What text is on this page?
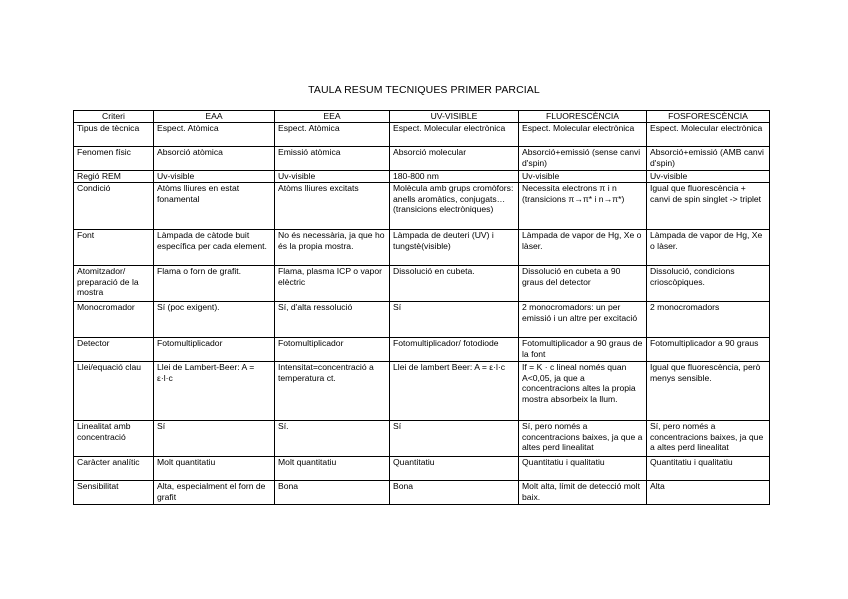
TAULA RESUM TECNIQUES PRIMER PARCIAL
Criteri	EAA	EEA	UV-VISIBLE	FLUORESCÈNCIA	FOSFORESCÈNCIA
Tipus de tècnica	Espect. Atòmica	Espect. Atòmica	Espect. Molecular electrònica	Espect. Molecular electrònica	Espect. Molecular electrònica
Fenomen físic	Absorció atòmica	Emissió atòmica	Absorció molecular	Absorció+emissió (sense canvi d'spin)	Absorció+emissió (AMB canvi d'spin)
Regió REM	Uv-visible	Uv-visible	180-800 nm	Uv-visible	Uv-visible
Condició	Atòms lliures en estat fonamental	Atòms lliures excitats	Molècula amb grups cromòfors: anells aromàtics, conjugats… (transicions electròniques)	Necessita electrons π i n (transicions π→π* i n→π*)	Igual que fluorescència + canvi de spin singlet -> triplet
Font	Làmpada de càtode buit específica per cada element.	No és necessària, ja que ho és la propia mostra.	Làmpada de deuteri (UV) i tungstè(visible)	Làmpada de vapor de Hg, Xe o làser.	Làmpada de vapor de Hg, Xe o làser.
Atomitzador/ preparació de la mostra	Flama o forn de grafit.	Flama, plasma ICP o vapor elèctric	Dissolució en cubeta.	Dissolució en cubeta a 90 graus del detector	Dissolució, condicions crioscòpiques.
Monocromador	Sí (poc exigent).	Sí, d'alta ressolució	Sí	2 monocromadors: un per emissió i un altre per excitació	2 monocromadors
Detector	Fotomultiplicador	Fotomultiplicador	Fotomultiplicador/ fotodiode	Fotomultiplicador a 90 graus de la font	Fotomultiplicador a 90 graus
Llei/equació clau	Llei de Lambert-Beer: A = ε·l·c	Intensitat=concentració a temperatura ct.	Llei de lambert Beer: A = ε·l·c	If = K · c lineal només quan A<0,05, ja que a concentracions altes la propia mostra absorbeix la llum.	Igual que fluorescència, però menys sensible.
Linealitat amb concentració	Sí	Sí.	Sí	Sí, pero només a concentracions baixes, ja que a altes perd linealitat	Sí, pero només a concentracions baixes, ja que a altes perd linealitat
Caràcter analític	Molt quantitatiu	Molt quantitatiu	Quantitatiu	Quantitatiu i qualitatiu	Quantitatiu i qualitatiu
Sensibilitat	Alta, especialment el forn de grafit	Bona	Bona	Molt alta, límit de detecció molt baix.	Alta
